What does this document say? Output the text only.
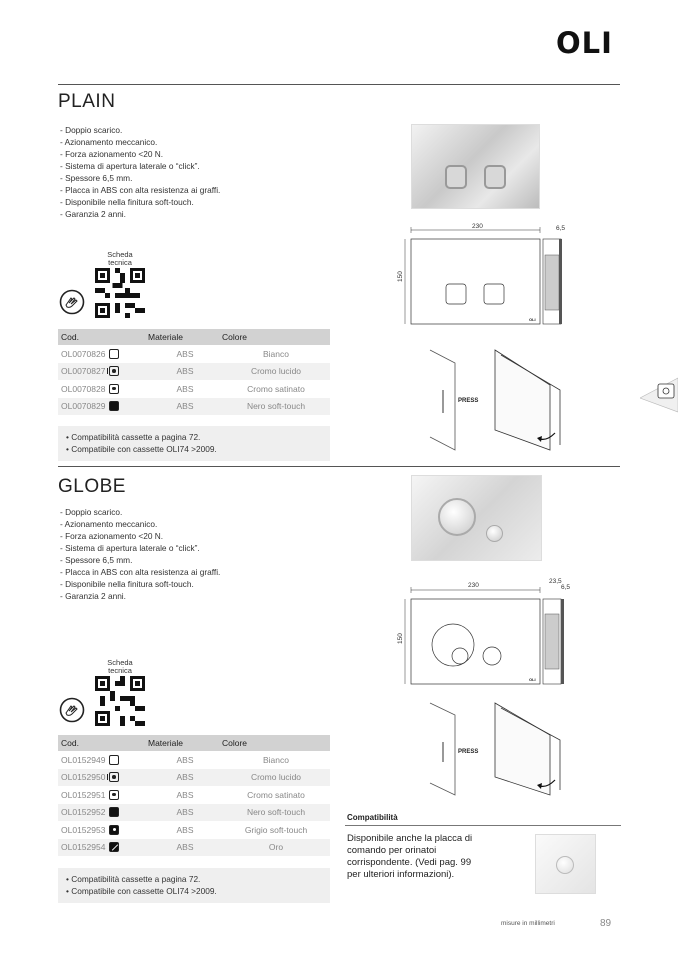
OLI
PLAIN
- Doppio scarico.
- Azionamento meccanico.
- Forza azionamento <20 N.
- Sistema di apertura laterale o “click”.
- Spessore 6,5 mm.
- Placca in ABS con alta resistenza ai graffi.
- Disponibile nella finitura soft-touch.
- Garanzia 2 anni.
Scheda tecnica
Cod.	Materiale	Colore
OL0070826	ABS	Bianco
OL0070827	ABS	Cromo lucido
OL0070828	ABS	Cromo satinato
OL0070829	ABS	Nero soft-touch
• Compatibilità cassette a pagina 72.
• Compatibile con cassette OLI74 >2009.
230
150
OLI
6,5
PRESS
GLOBE
- Doppio scarico.
- Azionamento meccanico.
- Forza azionamento <20 N.
- Sistema di apertura laterale o “click”.
- Spessore 6,5 mm.
- Placca in ABS con alta resistenza ai graffi.
- Disponibile nella finitura soft-touch.
- Garanzia 2 anni.
Scheda tecnica
Cod.	Materiale	Colore
OL0152949	ABS	Bianco
OL0152950	ABS	Cromo lucido
OL0152951	ABS	Cromo satinato
OL0152952	ABS	Nero soft-touch
OL0152953	ABS	Grigio soft-touch
OL0152954	ABS	Oro
• Compatibilità cassette a pagina 72.
• Compatibile con cassette OLI74 >2009.
230
150
OLI
23,5
6,5
PRESS
Compatibilità
Disponibile anche la placca di comando per orinatoi corrispondente. (Vedi pag. 99 per ulteriori informazioni).
misure in millimetri	89
